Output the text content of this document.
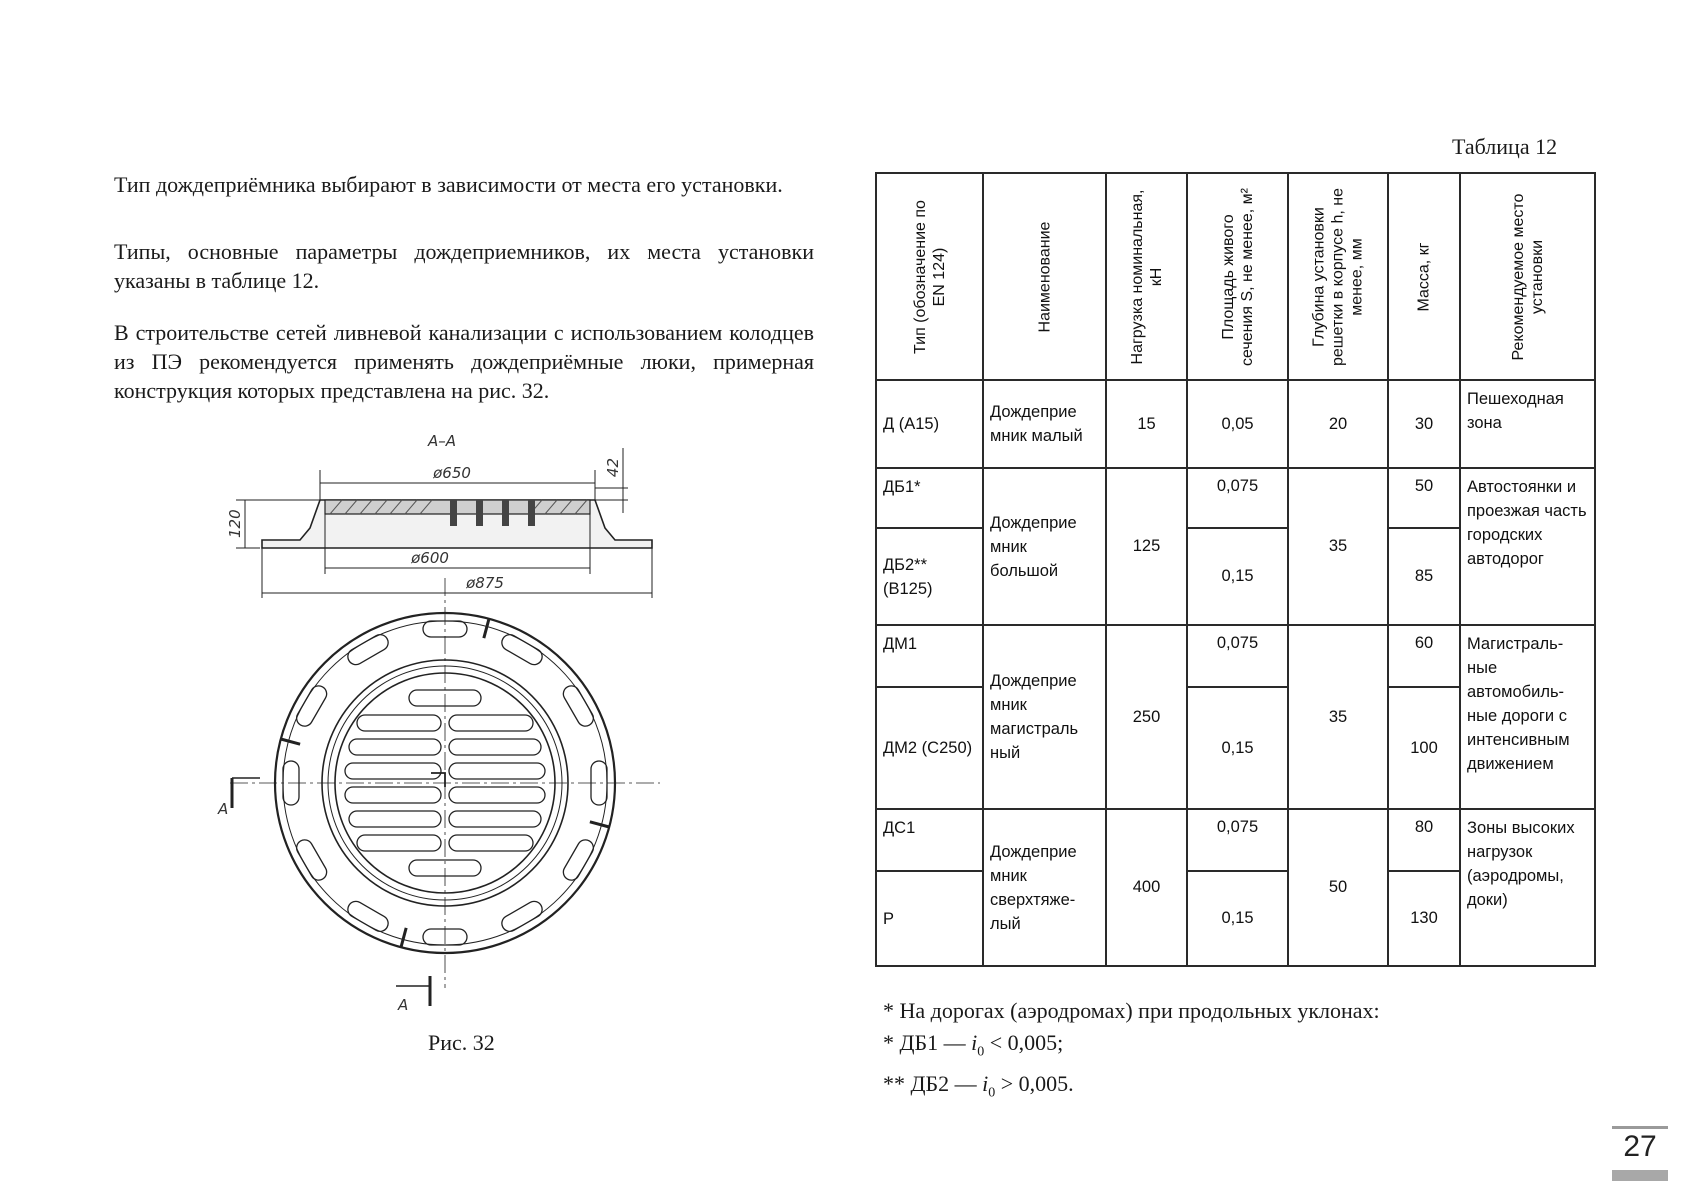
Тип дождеприёмника выбирают в зависимости от места его установки.

Типы, основные параметры дождеприемников, их места установки указаны в таблице 12.

В строительстве сетей ливневой канализации с использованием колодцев из ПЭ рекомендуется применять дождеприёмные люки, примерная конструкция которых представлена на рис. 32.

А–А
ø650	42
120
ø600
ø875
А
А
Рис. 32
Таблица 12
Тип (обозначение по EN 124)	Наименование	Нагрузка номинальная, кН	Площадь живого сечения S, не менее, м²	Глубина установки решетки в корпусе h, не менее, мм	Масса, кг	Рекомендуемое место установки

Д (А15)	Дождеприе мник малый	15	0,05	20	30	Пешеходная зона
ДБ1*	Дождеприе мник большой	125	0,075	35	50	Автостоянки и проезжая часть городских автодорог
ДБ2** (В125)			0,15		85	
ДМ1	Дождеприе мник магистраль ный	250	0,075	35	60	Магистраль-ные автомобиль-ные дороги с интенсивным движением
ДМ2 (С250)			0,15		100	
ДС1	Дождеприе мник сверхтяже-лый	400	0,075	50	80	Зоны высоких нагрузок (аэродромы, доки)
Р			0,15		130	
* На дорогах (аэродромах) при продольных уклонах:
* ДБ1 — $i_0 < 0,005$;
** ДБ2 — $i_0 > 0,005$.
27
